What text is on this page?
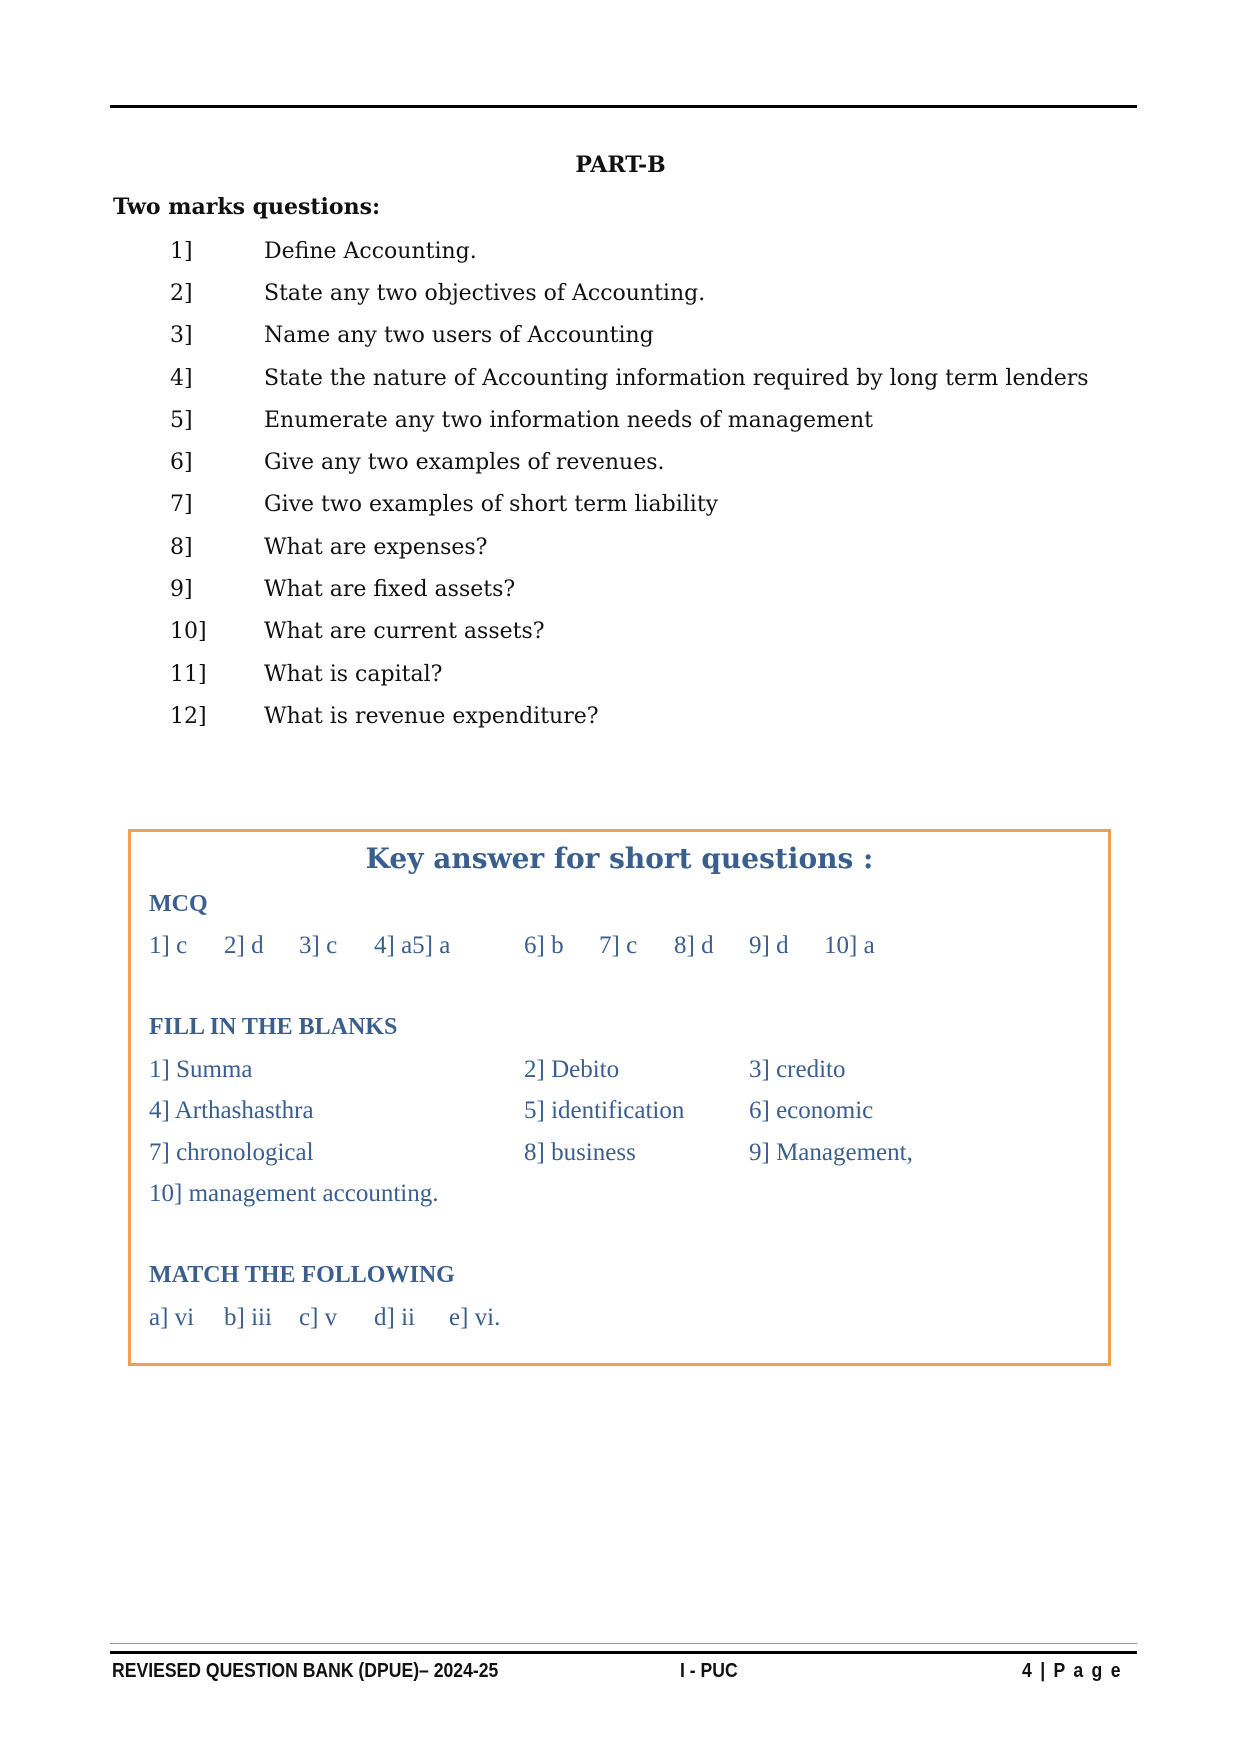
PART-B
Two marks questions:
1]	Define Accounting.
2]	State any two objectives of Accounting.
3]	Name any two users of Accounting
4]	State the nature of Accounting information required by long term lenders
5]	Enumerate any two information needs of management
6]	Give any two examples of revenues.
7]	Give two examples of short term liability
8]	What are expenses?
9]	What are fixed assets?
10]	What are current assets?
11]	What is capital?
12]	What is revenue expenditure?
Key answer for short questions :
MCQ
1] c 2] d 3] c 4] a5] a	6] b 7] c 8] d 9] d 10] a
FILL IN THE BLANKS
1] Summa	2] Debito	3] credito
4] Arthashasthra	5] identification	6] economic
7] chronological	8] business	9] Management,
10] management accounting.
MATCH THE FOLLOWING
a] vi b] iii c] v d] ii e] vi.
REVIESED QUESTION BANK (DPUE)– 2024-25	I - PUC	4 | P a g e
